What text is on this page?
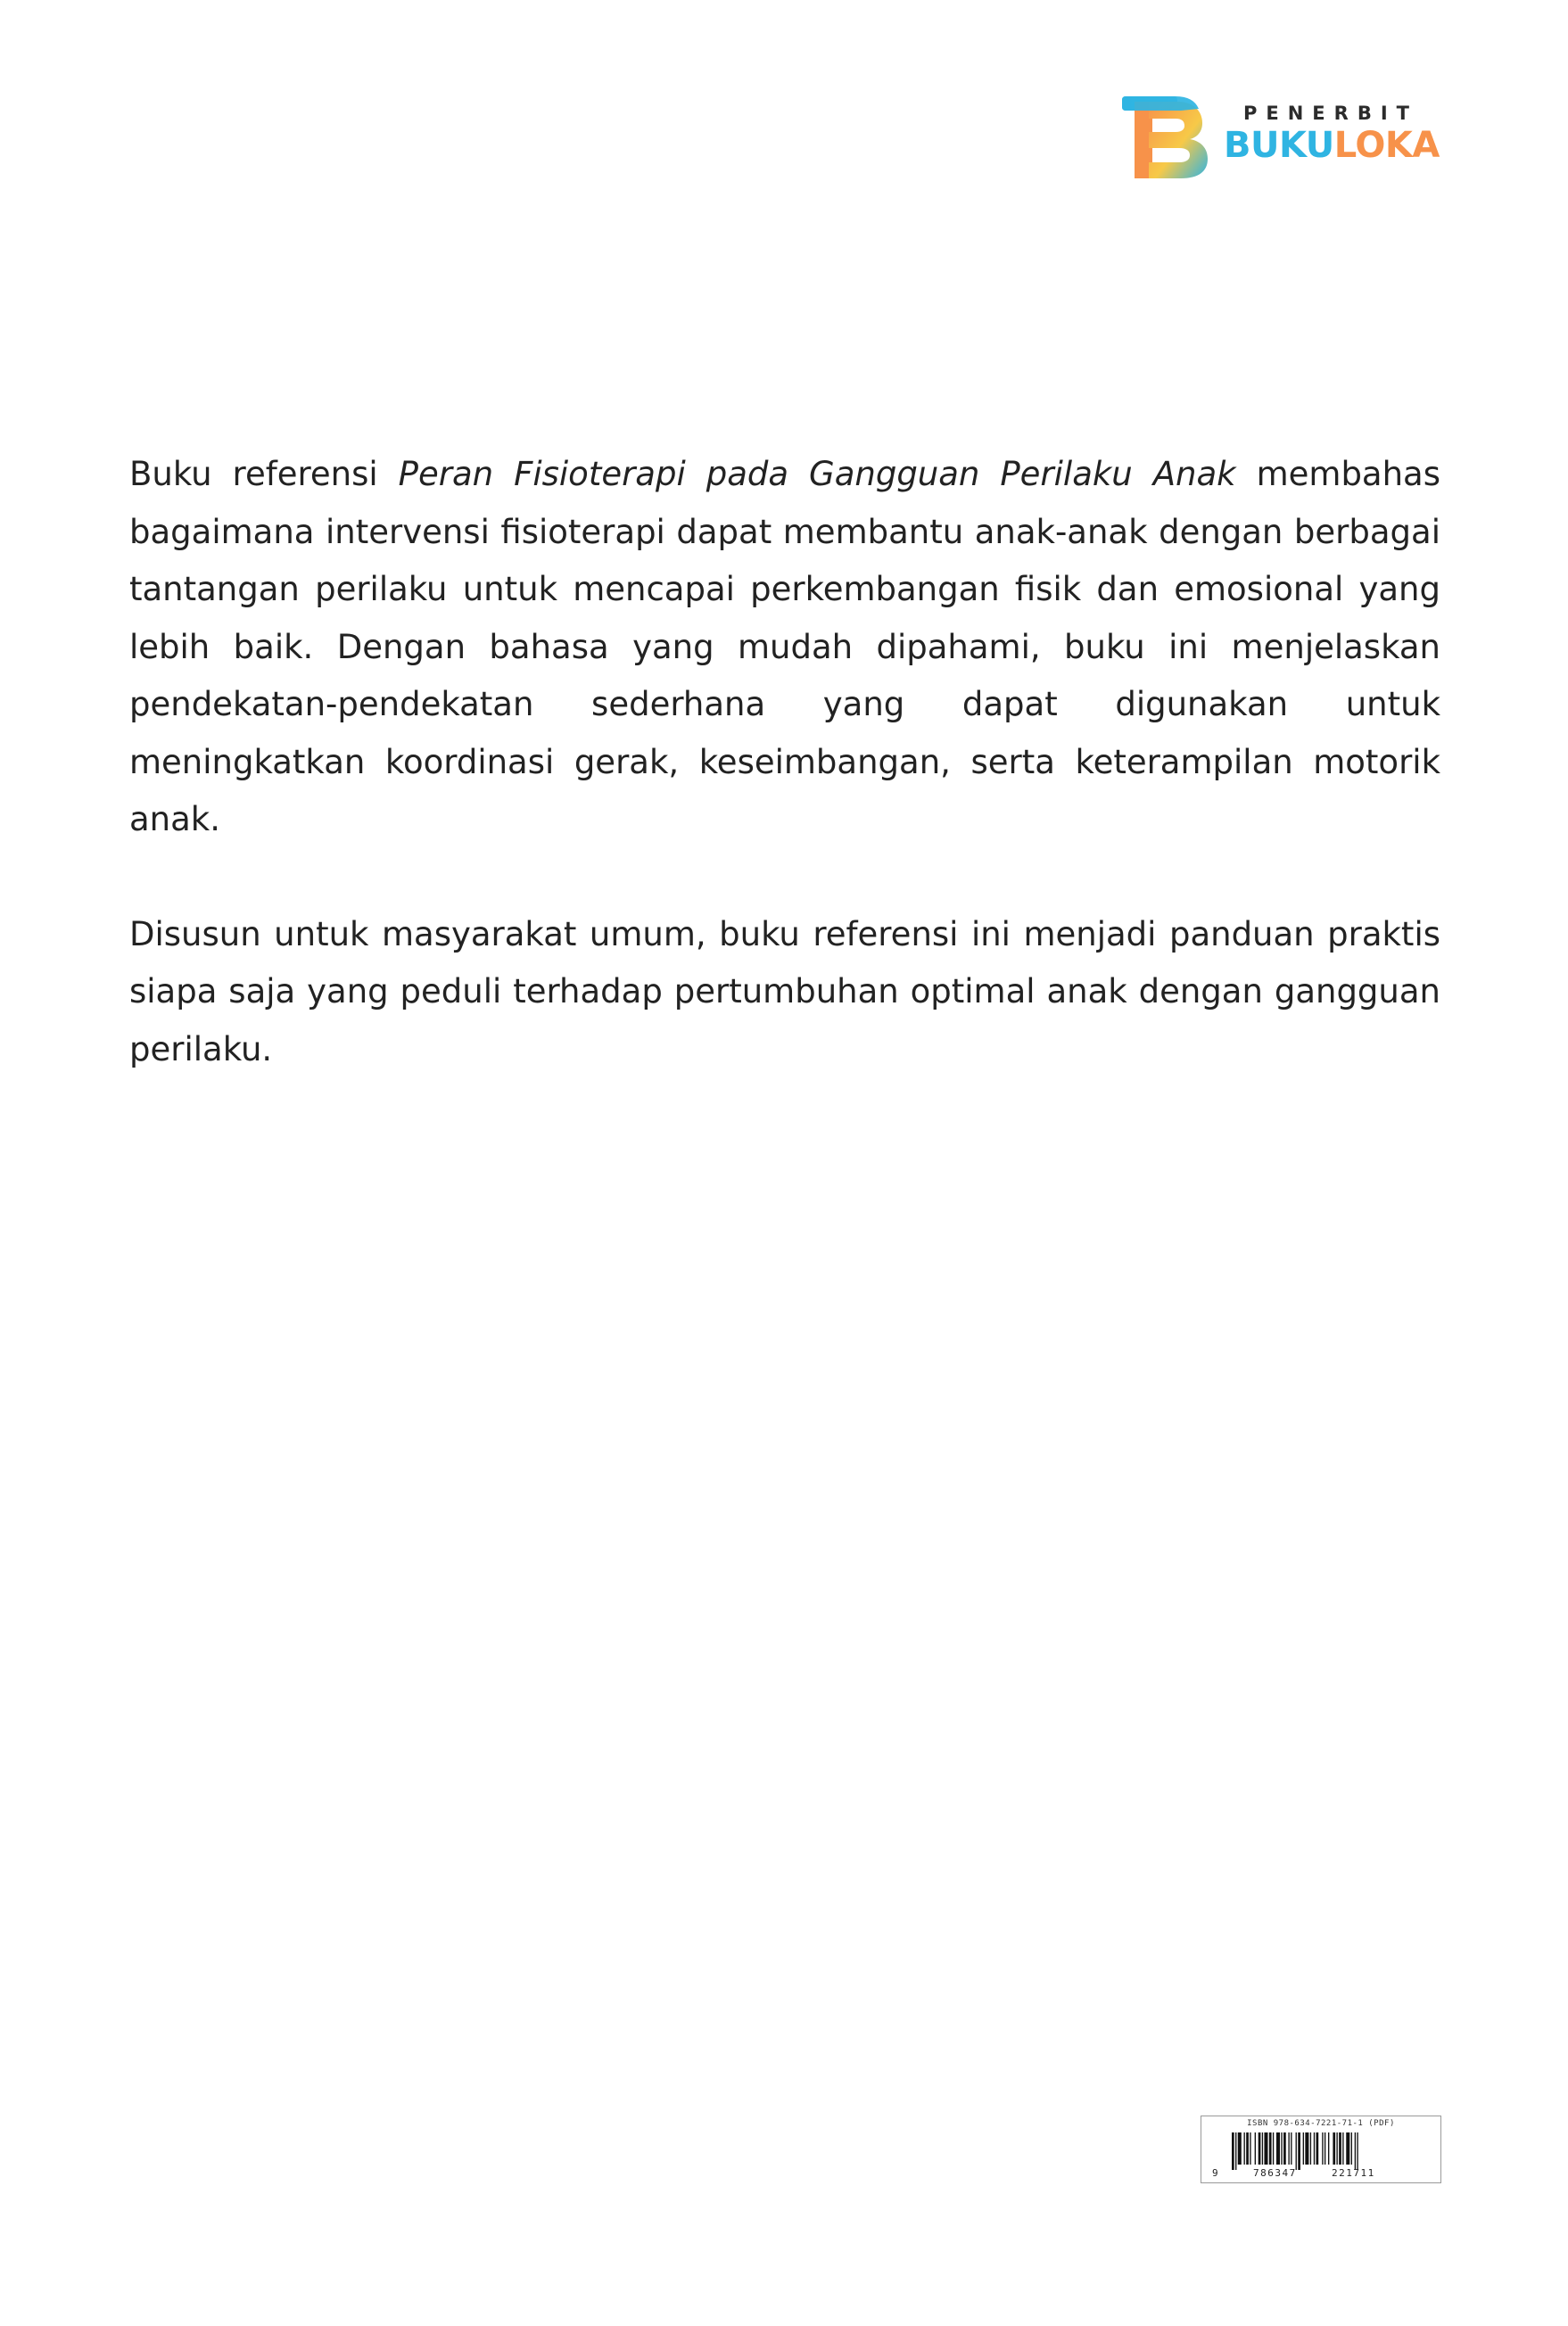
PENERBIT
BUKULOKA

Buku referensi Peran Fisioterapi pada Gangguan Perilaku Anak membahas bagaimana intervensi fisioterapi dapat membantu anak-anak dengan berbagai tantangan perilaku untuk mencapai perkembangan fisik dan emosional yang lebih baik. Dengan bahasa yang mudah dipahami, buku ini menjelaskan pendekatan-pendekatan sederhana yang dapat digunakan untuk meningkatkan koordinasi gerak, keseimbangan, serta keterampilan motorik anak.

Disusun untuk masyarakat umum, buku referensi ini menjadi panduan praktis siapa saja yang peduli terhadap pertumbuhan optimal anak dengan gangguan perilaku.

ISBN 978-634-7221-71-1 (PDF)
9	786347	221711
